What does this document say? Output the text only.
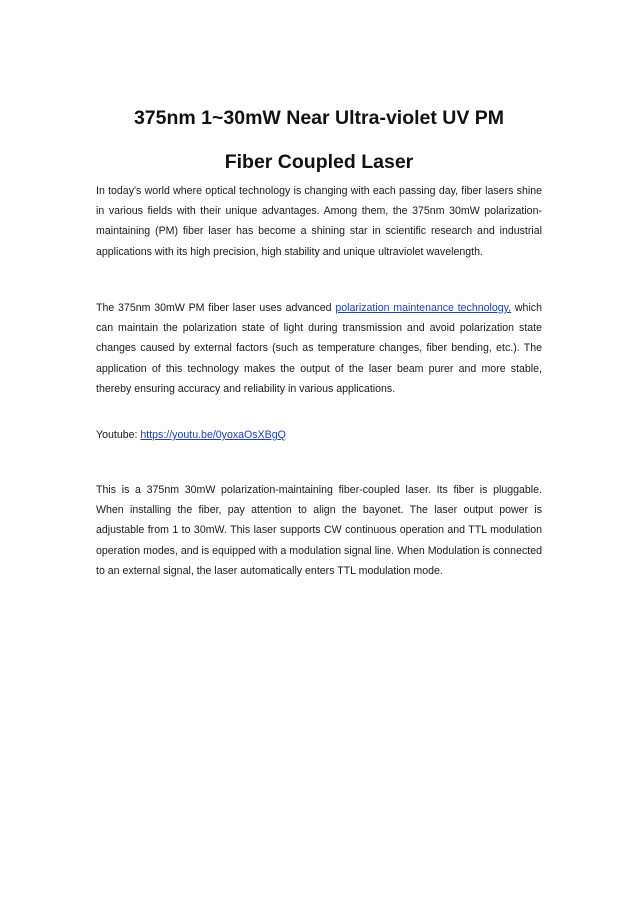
375nm 1~30mW Near Ultra-violet UV PM
Fiber Coupled Laser

In today's world where optical technology is changing with each passing day, fiber lasers shine in various fields with their unique advantages. Among them, the 375nm 30mW polarization-maintaining (PM) fiber laser has become a shining star in scientific research and industrial applications with its high precision, high stability and unique ultraviolet wavelength.

The 375nm 30mW PM fiber laser uses advanced polarization maintenance technology, which can maintain the polarization state of light during transmission and avoid polarization state changes caused by external factors (such as temperature changes, fiber bending, etc.). The application of this technology makes the output of the laser beam purer and more stable, thereby ensuring accuracy and reliability in various applications.

Youtube: https://youtu.be/0yoxaOsXBgQ

This is a 375nm 30mW polarization-maintaining fiber-coupled laser. Its fiber is pluggable. When installing the fiber, pay attention to align the bayonet. The laser output power is adjustable from 1 to 30mW. This laser supports CW continuous operation and TTL modulation operation modes, and is equipped with a modulation signal line. When Modulation is connected to an external signal, the laser automatically enters TTL modulation mode.
